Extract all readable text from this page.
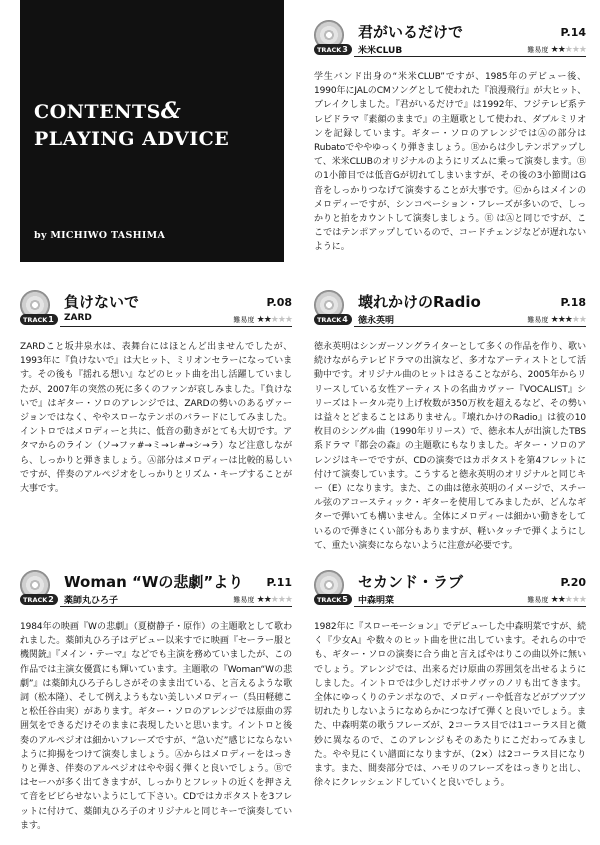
CONTENTS&
PLAYING ADVICE
by MICHIWO TASHIMA
TRACK3
君がいるだけで
米米CLUB
P.14
難易度 ★★★★★

学生バンド出身の“米米CLUB”ですが、1985年のデビュー後、1990年にJALのCMソングとして使われた『浪漫飛行』が大ヒット、ブレイクしました。『君がいるだけで』は1992年、フジテレビ系テレビドラマ『素顔のままで』の主題歌として使われ、ダブルミリオンを記録しています。ギター・ソロのアレンジではⒶの部分はRubatoでややゆっくり弾きましょう。Ⓑからは少しテンポアップして、米米CLUBのオリジナルのようにリズムに乗って演奏します。Ⓑの1小節目では低音Gが切れてしまいますが、その後の3小節間はG音をしっかりつなげて演奏することが大事です。Ⓒからはメインのメロディーですが、シンコペーション・フレーズが多いので、しっかりと拍をカウントして演奏しましょう。Ⓔ はⒶと同じですが、ここではテンポアップしているので、コードチェンジなどが遅れないように。

TRACK1
負けないで
ZARD
P.08
難易度 ★★★★★

ZARDこと坂井泉水は、表舞台にはほとんど出ませんでしたが、1993年に『負けないで』は大ヒット、ミリオンセラーになっています。その後も『揺れる想い』などのヒット曲を出し活躍していましたが、2007年の突然の死に多くのファンが哀しみました。『負けないで』はギター・ソロのアレンジでは、ZARDの勢いのあるヴァージョンではなく、ややスローなテンポのバラードにしてみました。イントロではメロディーと共に、低音の動きがとても大切です。アタマからのライン（ソ→ファ#→ミ→レ#→シ→ラ）など注意しながら、しっかりと弾きましょう。Ⓐ部分はメロディーは比較的易しいですが、伴奏のアルペジオをしっかりとリズム・キープすることが大事です。

TRACK4
壊れかけのRadio
徳永英明
P.18
難易度 ★★★★★

徳永英明はシンガーソングライターとして多くの作品を作り、歌い続けながらテレビドラマの出演など、多才なアーティストとして活動中です。オリジナル曲のヒットはさることながら、2005年からリリースしている女性アーティストの名曲カヴァー『VOCALIST』シリーズはトータル売り上げ枚数が350万枚を超えるなど、その勢いは益々とどまることはありません。『壊れかけのRadio』は彼の10枚目のシングル曲（1990年リリース）で、徳永本人が出演したTBS系ドラマ『都会の森』の主題歌にもなりました。ギター・ソロのアレンジはキーでですが、CDの演奏ではカポタストを第4フレットに付けて演奏しています。こうすると徳永英明のオリジナルと同じキー（E）になります。また、この曲は徳永英明のイメージで、スチール弦のアコースティック・ギターを使用してみましたが、どんなギターで弾いても構いません。全体にメロディーは細かい動きをしているので弾きにくい部分もありますが、軽いタッチで弾くようにして、重たい演奏にならないように注意が必要です。

TRACK2
Woman “Wの悲劇”より
薬師丸ひろ子
P.11
難易度 ★★★★★

1984年の映画『Wの悲劇』（夏樹静子・原作）の主題歌として歌われました。薬師丸ひろ子はデビュー以来すでに映画『セーラー服と機関銃』『メイン・テーマ』などでも主演を務めていましたが、この作品では主演女優賞にも輝いています。主題歌の『Woman“Wの悲劇”』は薬師丸ひろ子らしさがそのまま出ている、と言えるような歌詞（松本隆）、そして例えようもない美しいメロディー（呉田軽穂こと松任谷由実）があります。ギター・ソロのアレンジでは原曲の雰囲気をできるだけそのままに表現したいと思います。イントロと後奏のアルペジオは細かいフレーズですが、“急いだ”感じにならないように抑揚をつけて演奏しましょう。Ⓐからはメロディーをはっきりと弾き、伴奏のアルペジオはやや弱く弾くと良いでしょう。Ⓑではセーハが多く出てきますが、しっかりとフレットの近くを押さえて音をビビらせないようにして下さい。CDではカポタストを3フレットに付けて、薬師丸ひろ子のオリジナルと同じキーで演奏しています。

TRACK5
セカンド・ラブ
中森明菜
P.20
難易度 ★★★★★

1982年に『スローモーション』でデビューした中森明菜ですが、続く『少女A』や数々のヒット曲を世に出しています。それらの中でも、ギター・ソロの演奏に合う曲と言えばやはりこの曲以外に無いでしょう。アレンジでは、出来るだけ原曲の雰囲気を出せるようにしました。イントロでは少しだけボサノヴァのノリも出てきます。全体にゆっくりのテンポなので、メロディーや低音などがブツブツ切れたりしないようになめらかにつなげて弾くと良いでしょう。また、中森明菜の歌うフレーズが、2コーラス目では1コーラス目と微妙に異なるので、このアレンジもそのあたりにこだわってみました。やや見にくい譜面になりますが、（2×）は2コーラス目になります。また、間奏部分では、ハモリのフレーズをはっきりと出し、徐々にクレッシェンドしていくと良いでしょう。
